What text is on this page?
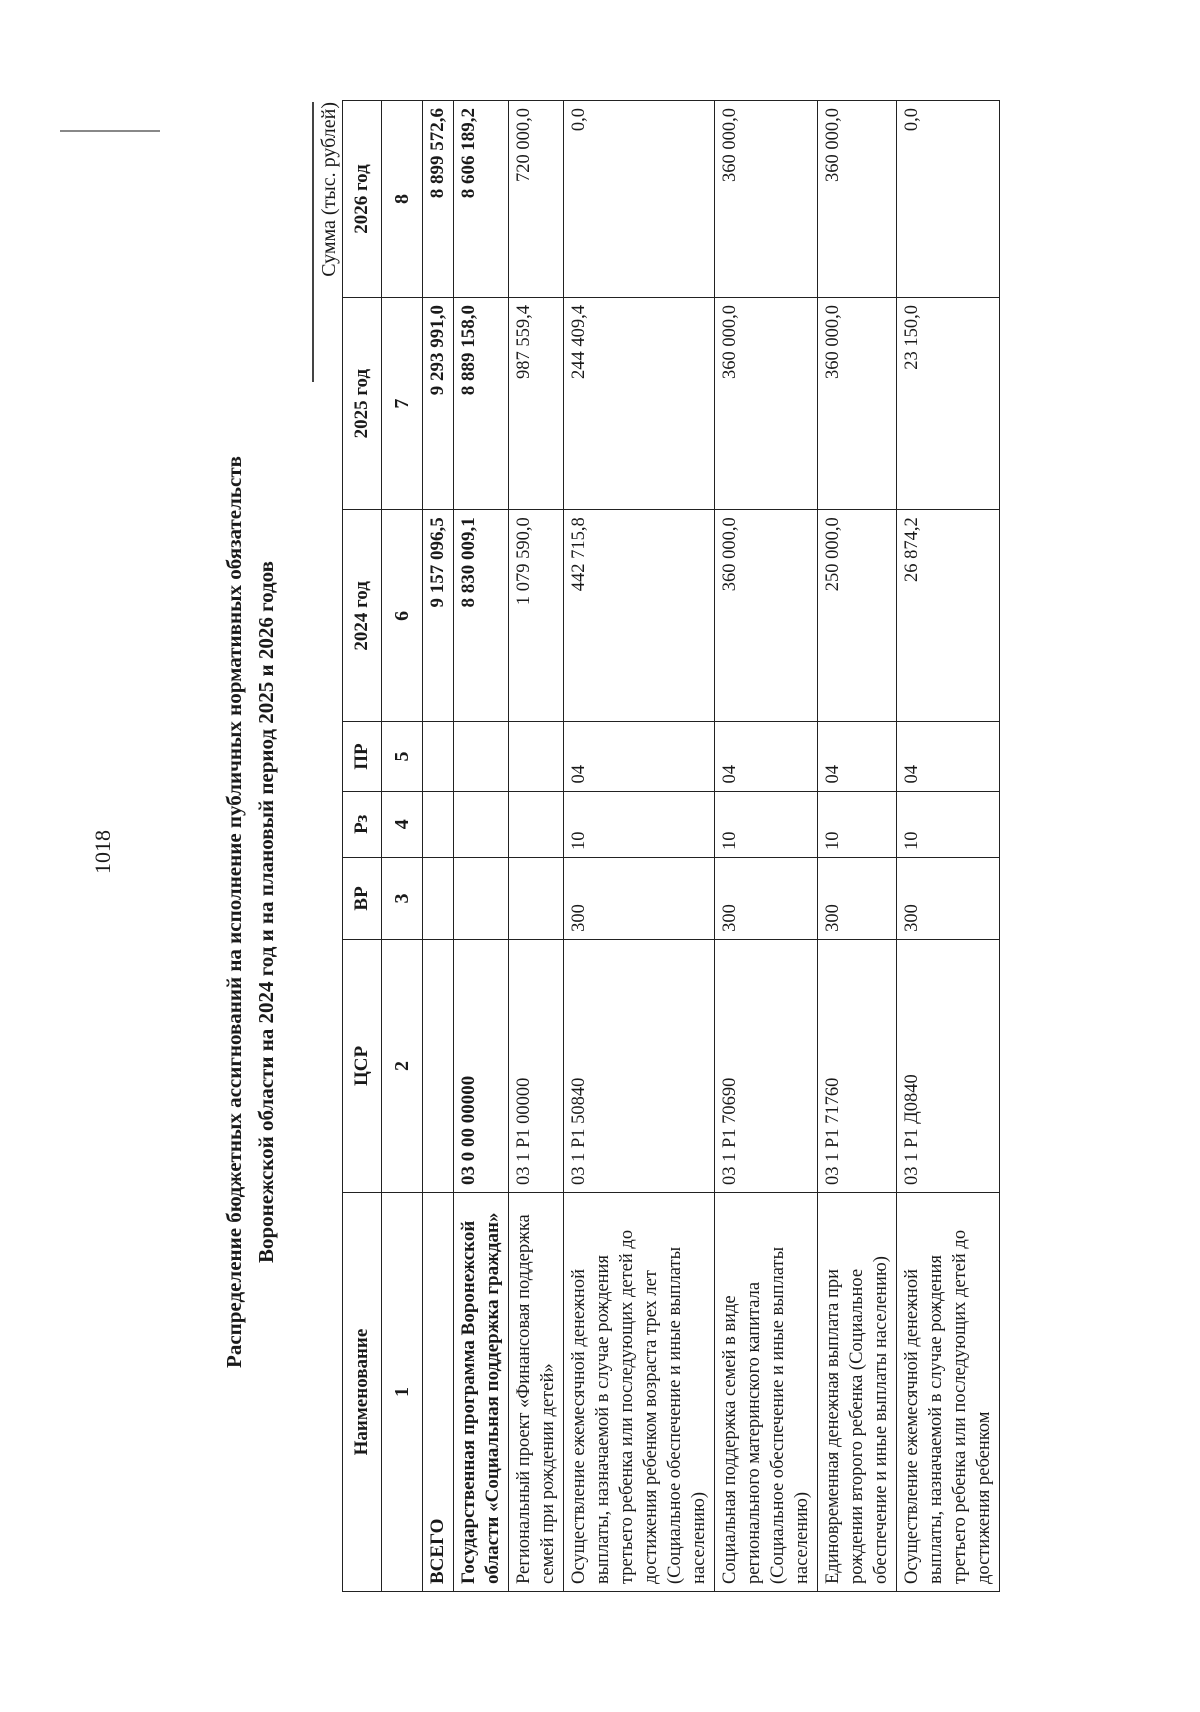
1018	Распределение бюджетных ассигнований на исполнение публичных нормативных обязательств Воронежской области на 2024 год и на плановый период 2025 и 2026 годов
Сумма (тыс. рублей)
Наименование	ЦСР	ВР	Рз	ПР	2024 год	2025 год	2026 год
1	2	3	4	5	6	7	8
ВСЕГО					9 157 096,5	9 293 991,0	8 899 572,6
Государственная программа Воронежской области «Социальная поддержка граждан»	03 0 00 00000				8 830 009,1	8 889 158,0	8 606 189,2
Региональный проект «Финансовая поддержка семей при рождении детей»	03 1 Р1 00000				1 079 590,0	987 559,4	720 000,0
Осуществление ежемесячной денежной выплаты, назначаемой в случае рождения третьего ребенка или последующих детей до достижения ребенком возраста трех лет (Социальное обеспечение и иные выплаты населению)	03 1 Р1 50840	300	10	04	442 715,8	244 409,4	0,0
Социальная поддержка семей в виде регионального материнского капитала (Социальное обеспечение и иные выплаты населению)	03 1 Р1 70690	300	10	04	360 000,0	360 000,0	360 000,0
Единовременная денежная выплата при рождении второго ребенка (Социальное обеспечение и иные выплаты населению)	03 1 Р1 71760	300	10	04	250 000,0	360 000,0	360 000,0
Осуществление ежемесячной денежной выплаты, назначаемой в случае рождения третьего ребенка или последующих детей до достижения ребенком	03 1 Р1 Д0840	300	10	04	26 874,2	23 150,0	0,0
